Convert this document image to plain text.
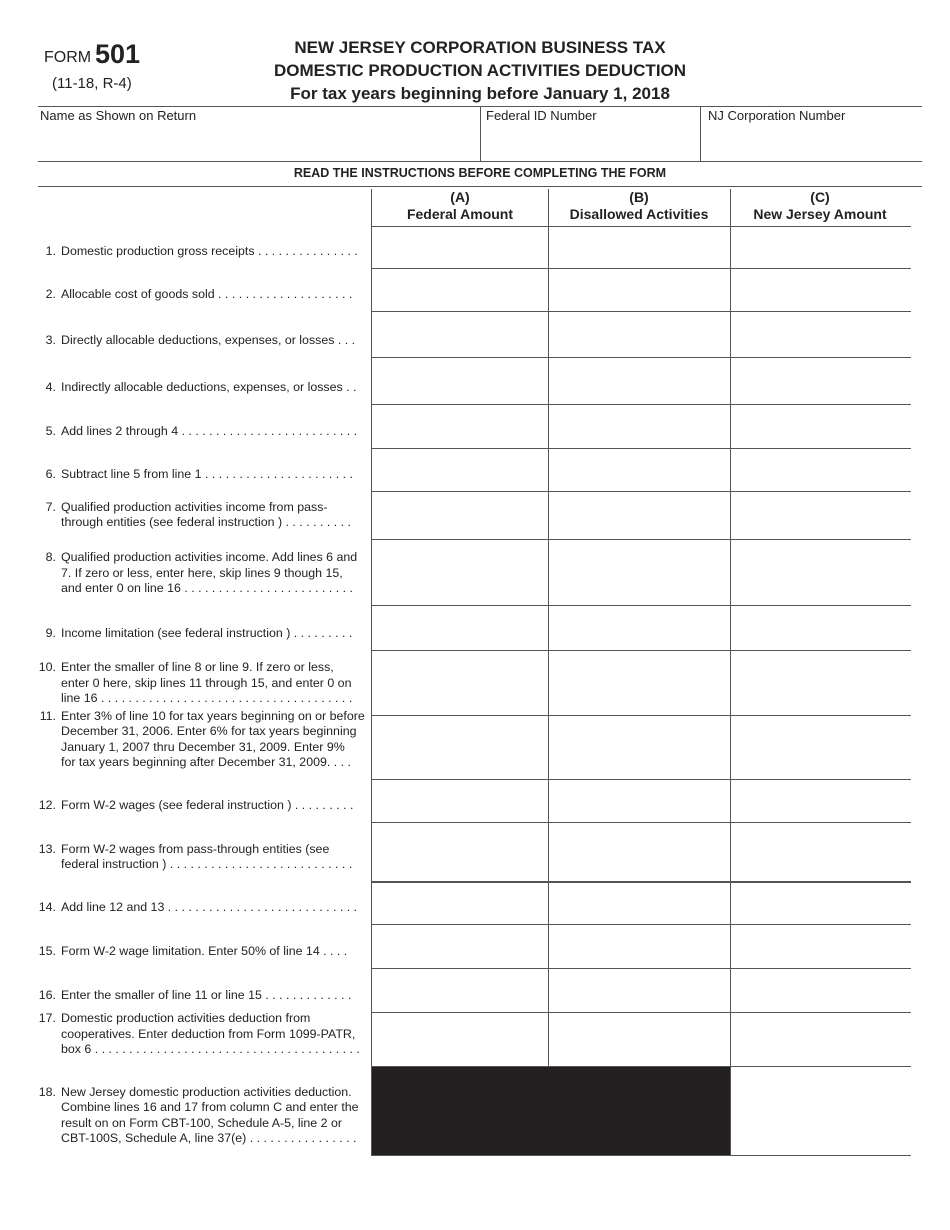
FORM 501
(11-18, R-4)
NEW JERSEY CORPORATION BUSINESS TAX
DOMESTIC PRODUCTION ACTIVITIES DEDUCTION
For tax years beginning before January 1, 2018
Name as Shown on Return	Federal ID Number	NJ Corporation Number
READ THE INSTRUCTIONS BEFORE COMPLETING THE FORM
(A)
Federal Amount
(B)
Disallowed Activities
(C)
New Jersey Amount
1. Domestic production gross receipts . . . . . . . . . . . . . . .
2. Allocable cost of goods sold . . . . . . . . . . . . . . . . . . . .
3. Directly allocable deductions, expenses, or losses . . .
4. Indirectly allocable deductions, expenses, or losses . .
5. Add lines 2 through 4 . . . . . . . . . . . . . . . . . . . . . . . . . .
6. Subtract line 5 from line 1 . . . . . . . . . . . . . . . . . . . . . .
7. Qualified production activities income from pass-
through entities (see federal instruction ) . . . . . . . . . .
8. Qualified production activities income. Add lines 6 and
7. If zero or less, enter here, skip lines 9 though 15,
and enter 0 on line 16 . . . . . . . . . . . . . . . . . . . . . . . . .
9. Income limitation (see federal instruction ) . . . . . . . . .
10. Enter the smaller of line 8 or line 9. If zero or less,
enter 0 here, skip lines 11 through 15, and enter 0 on
line 16 . . . . . . . . . . . . . . . . . . . . . . . . . . . . . . . . . . . . .
11. Enter 3% of line 10 for tax years beginning on or before
December 31, 2006. Enter 6% for tax years beginning
January 1, 2007 thru December 31, 2009. Enter 9%
for tax years beginning after December 31, 2009. . . .
12. Form W-2 wages (see federal instruction ) . . . . . . . . .
13. Form W-2 wages from pass-through entities (see
federal instruction ) . . . . . . . . . . . . . . . . . . . . . . . . . . .
14. Add line 12 and 13 . . . . . . . . . . . . . . . . . . . . . . . . . . . .
15. Form W-2 wage limitation. Enter 50% of line 14 . . . .
16. Enter the smaller of line 11 or line 15 . . . . . . . . . . . . .
17. Domestic production activities deduction from
cooperatives. Enter deduction from Form 1099-PATR,
box 6 . . . . . . . . . . . . . . . . . . . . . . . . . . . . . . . . . . . . . . .
18. New Jersey domestic production activities deduction.
Combine lines 16 and 17 from column C and enter the
result on on Form CBT-100, Schedule A-5, line 2 or
CBT-100S, Schedule A, line 37(e) . . . . . . . . . . . . . . . .
